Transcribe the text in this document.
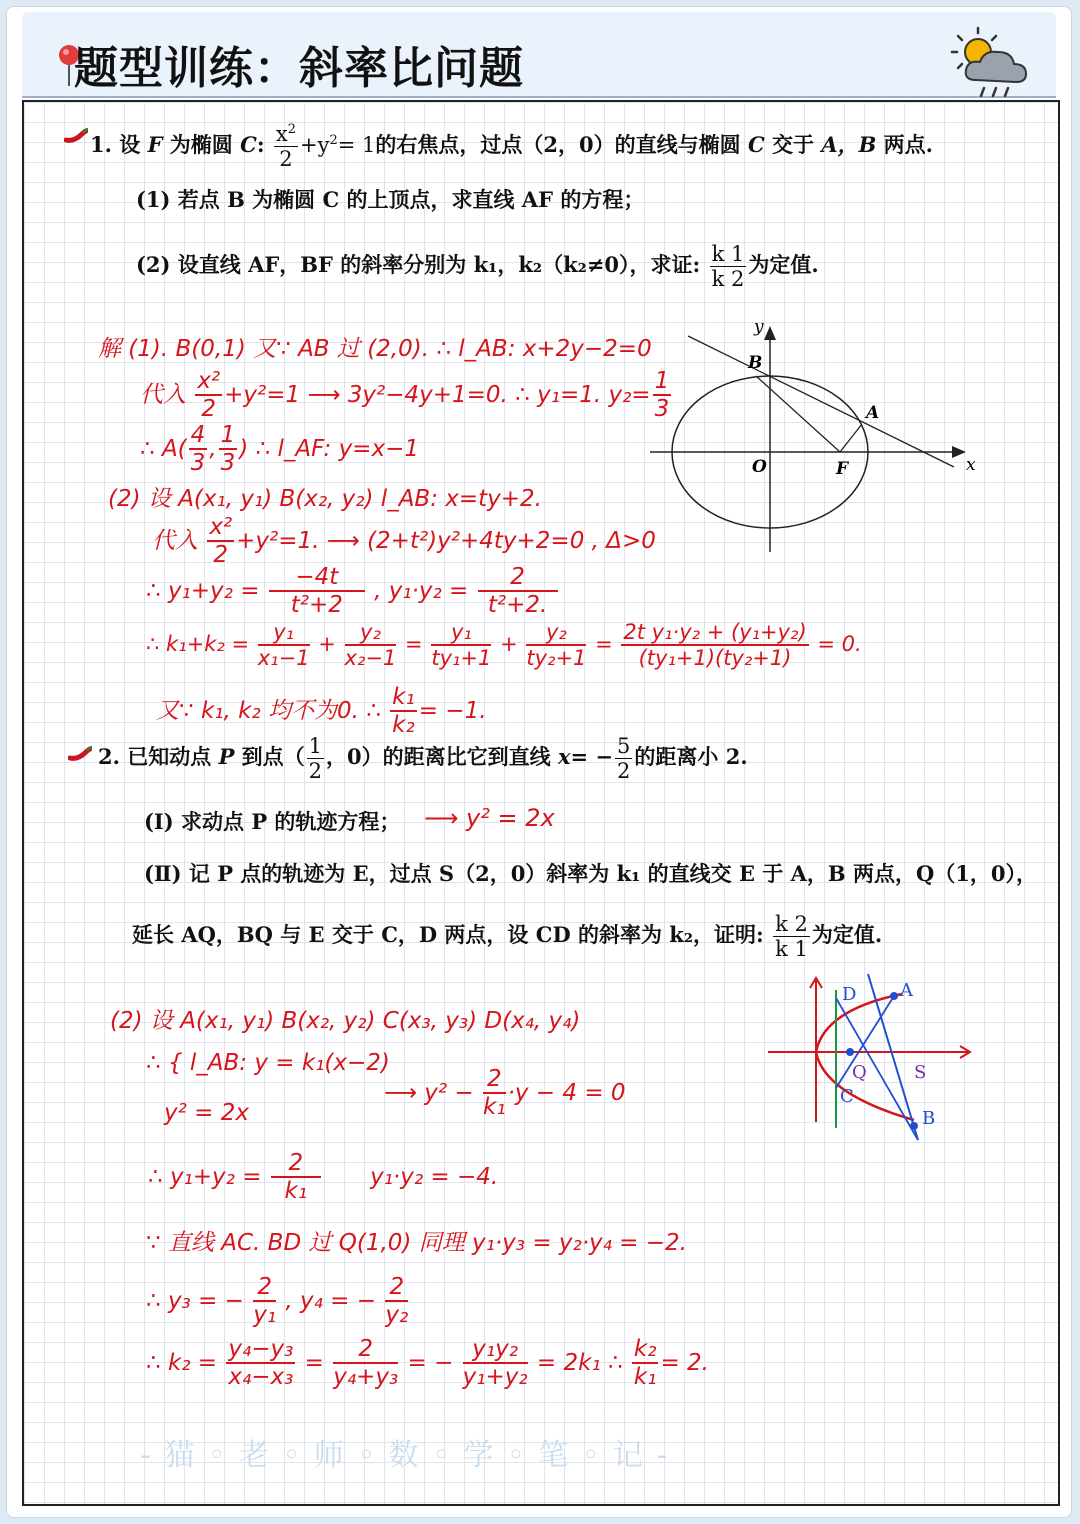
题型训练：斜率比问题
1. 设 F 为椭圆 C: $\frac{x^2}{2} +y^2= 1$的右焦点，过点（2，0）的直线与椭圆 C 交于 A，B 两点.
(1) 若点 B 为椭圆 C 的上顶点，求直线 AF 的方程；
(2) 设直线 AF，BF 的斜率分别为 k₁，k₂（k₂≠0），求证: $\frac{k 1}{k 2}$ 为定值.
解 (1). B(0,1) 又∵ AB 过 (2,0). ∴ l_AB: x+2y−2=0
代入 $\frac{\text{x²}}{2} +y^2=1$ ⟶ 3y²−4y+1=0. ∴ y₁=1. $y_2= \frac{1}{3}$
∴ $A( \frac{4}{3}$ , $\frac{1}{3}$ ) ∴ l_AF: y=x−1
(2) 设 A(x₁, y₁) B(x₂, y₂) l_AB: x=ty+2.
代入 $\frac{\text{x²}}{2} +y^2=1$. ⟶ (2+t²)y²+4ty+2=0 , Δ>0
∴ $y_1+y_2 = \frac{-4t}{\text{t²+2}}$ , $y_1\cdot y_2 = \frac{2}{\text{t²+2.}}$
∴ $k_1+k_2 = \frac{\text{y₁}}{\text{x₁−1}} + \frac{\text{y₂}}{\text{x₂−1}} = \frac{\text{y₁}}{\text{ty₁+1}} + \frac{\text{y₂}}{\text{ty₂+1}} = \frac{\text{2t y₁·y₂ + (y₁+y₂)}}{\text{(ty₁+1)(ty₂+1)}} = 0$.
又∵ k₁, k₂ 均不为0. ∴ $\frac{\text{k₁}}{\text{k₂}} = -1$.
y
B
A
O	F	x
2. 已知动点 P 到点（ $\frac{1}{2}$ ，0）的距离比它到直线 $x= - \frac{5}{2}$ 的距离小 2.
(Ⅰ) 求动点 P 的轨迹方程； ⟶ y² = 2x
(Ⅱ) 记 P 点的轨迹为 E，过点 S（2，0）斜率为 k₁ 的直线交 E 于 A，B 两点，Q（1，0），
延长 AQ，BQ 与 E 交于 C，D 两点，设 CD 的斜率为 k₂，证明: $\frac{k 2}{k 1}$ 为定值.
(2) 设 A(x₁, y₁) B(x₂, y₂) C(x₃, y₃) D(x₄, y₄)
∴ { l_AB: y = k₁(x−2)
y² = 2x
⟶ $y^2 - \frac{2}{\text{k₁}} \cdot y - 4 = 0$
∴ $y_1+y_2 = \frac{2}{\text{k₁}} y_1\cdot y_2 = -4$.
∵ 直线 AC. BD 过 Q(1,0) 同理 y₁·y₃ = y₂·y₄ = −2.
∴ y₃ = − $\frac{2}{\text{y₁}}$ , y₄ = − $\frac{2}{\text{y₂}}$
∴ $k_2 = \frac{\text{y₄−y₃}}{\text{x₄−x₃}} = \frac{2}{\text{y₄+y₃}}$ = − $\frac{\text{y₁y₂}}{\text{y₁+y₂}} = 2k_1$ ∴ $\frac{\text{k₂}}{\text{k₁}} = 2$.
D A
Q	S
C
B
- 猫 ◦ 老 ◦ 师 ◦ 数 ◦ 学 ◦ 笔 ◦ 记 -
